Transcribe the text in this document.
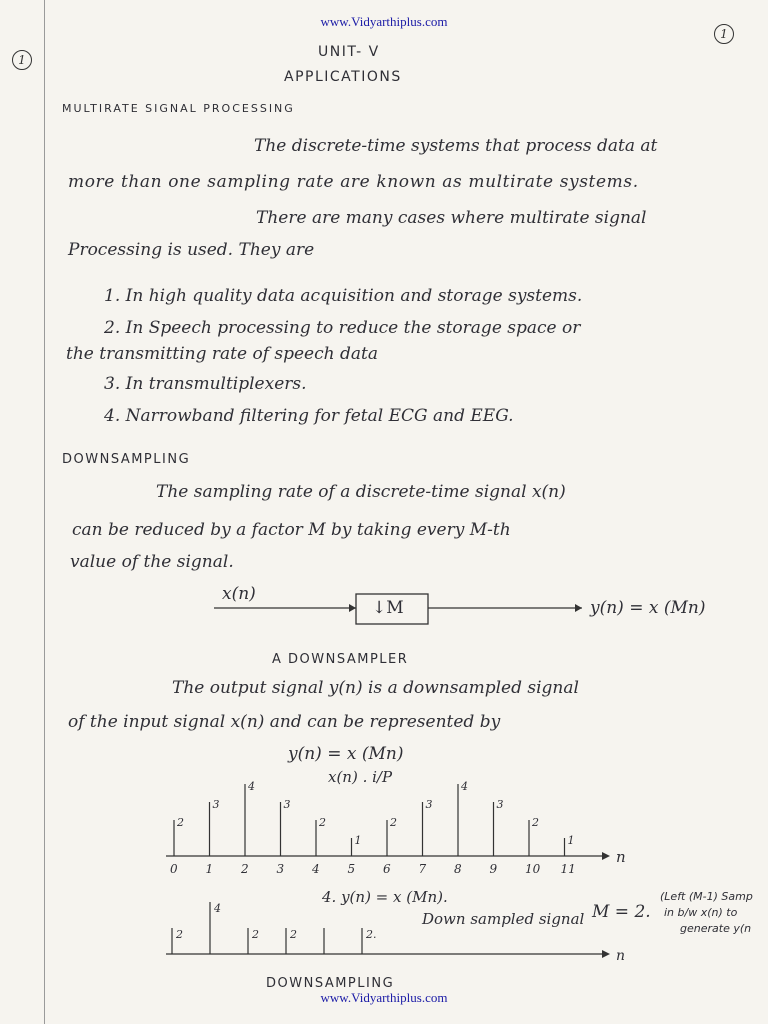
www.Vidyarthiplus.com
1
1
UNIT- V
APPLICATIONS
MULTIRATE SIGNAL PROCESSING
The discrete-time systems that process data at
more than one sampling rate are known as multirate systems.
There are many cases where multirate signal
Processing is used. They are
1. In high quality data acquisition and storage systems.
2. In Speech processing to reduce the storage space or
the transmitting rate of speech data
3. In transmultiplexers.
4. Narrowband filtering for fetal ECG and EEG.
DOWNSAMPLING
The sampling rate of a discrete-time signal x(n)
can be reduced by a factor M by taking every M-th
value of the signal.
x(n)
↓M	y(n) = x (Mn)
A DOWNSAMPLER
The output signal y(n) is a downsampled signal
of the input signal x(n) and can be represented by
y(n) = x (Mn)
x(n) . i/P
n
2
0
3
1
4
2
3
3
2
4
1
5
2
6
3
7
4
8
3
9
2
10
1
11
4. y(n) = x (Mn).
Down sampled signal M = 2.
(Left (M-1) Samp
in b/w x(n) to
generate y(n
n
2
4
2	2	2.
DOWNSAMPLING
www.Vidyarthiplus.com
